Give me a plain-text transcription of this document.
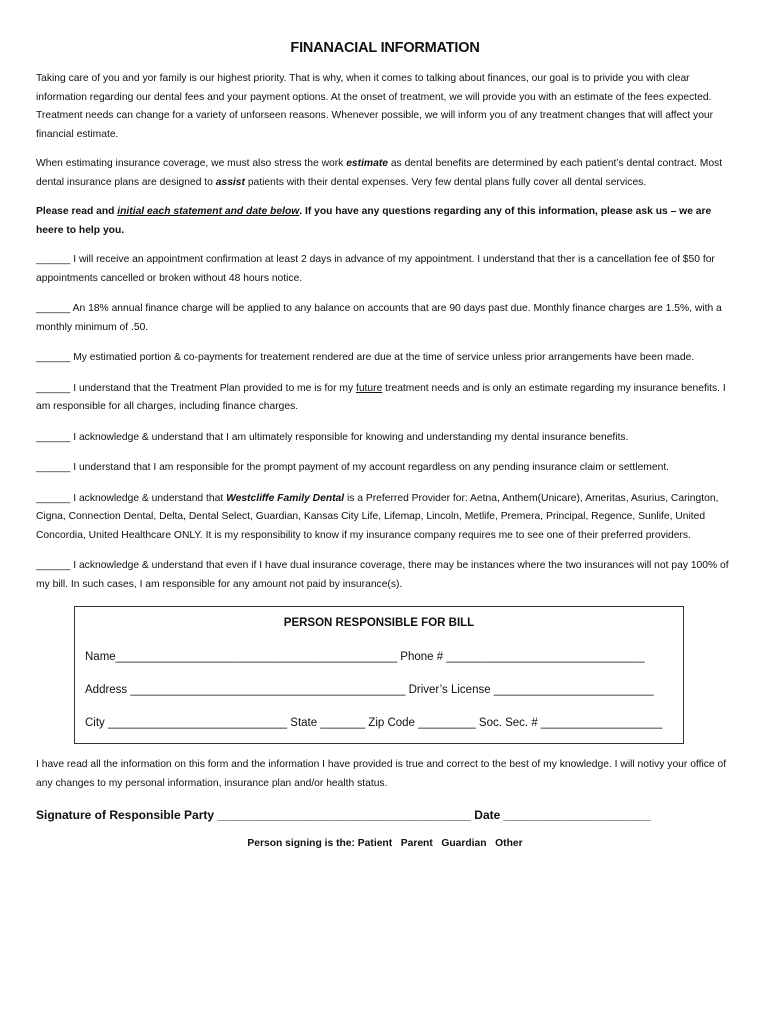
FINANACIAL INFORMATION

Taking care of you and yor family is our highest priority. That is why, when it comes to talking about finances, our goal is to privide you with clear information regarding our dental fees and your payment options. At the onset of treatment, we will provide you with an estimate of the fees expected. Treatment needs can change for a variety of unforseen reasons. Whenever possible, we will inform you of any treatment changes that will affect your financial estimate.

When estimating insurance coverage, we must also stress the work estimate as dental benefits are determined by each patient’s dental contract. Most dental insurance plans are designed to assist patients with their dental expenses. Very few dental plans fully cover all dental services.

Please read and initial each statement and date below. If you have any questions regarding any of this information, please ask us – we are heere to help you.

______ I will receive an appointment confirmation at least 2 days in advance of my appointment. I understand that ther is a cancellation fee of $50 for appointments cancelled or broken without 48 hours notice.

______ An 18% annual finance charge will be applied to any balance on accounts that are 90 days past due. Monthly finance charges are 1.5%, with a monthly minimum of .50.

______ My estimatied portion & co-payments for treatement rendered are due at the time of service unless prior arrangements have been made.

______ I understand that the Treatment Plan provided to me is for my future treatment needs and is only an estimate regarding my insurance benefits. I am responsible for all charges, including finance charges.

______ I acknowledge & understand that I am ultimately responsible for knowing and understanding my dental insurance benefits.

______ I understand that I am responsible for the prompt payment of my account regardless on any pending insurance claim or settlement.

______ I acknowledge & understand that Westcliffe Family Dental is a Preferred Provider for: Aetna, Anthem(Unicare), Ameritas, Asurius, Carington, Cigna, Connection Dental, Delta, Dental Select, Guardian, Kansas City Life, Lifemap, Lincoln, Metlife, Premera, Principal, Regence, Sunlife, United Concordia, United Healthcare ONLY. It is my responsibility to know if my insurance company requires me to see one of their preferred providers.

______ I acknowledge & understand that even if I have dual insurance coverage, there may be instances where the two insurances will not pay 100% of my bill. In such cases, I am responsible for any amount not paid by insurance(s).

PERSON RESPONSIBLE FOR BILL
Name____________________________________________ Phone # _______________________________
Address ___________________________________________ Driver’s License _________________________
City ____________________________ State _______ Zip Code _________ Soc. Sec. # ___________________

I have read all the information on this form and the information I have provided is true and correct to the best of my knowledge. I will notivy your office of any changes to my personal information, insurance plan and/or health status.

Signature of Responsible Party ______________________________________ Date ______________________
Person signing is the: Patient   Parent   Guardian   Other
